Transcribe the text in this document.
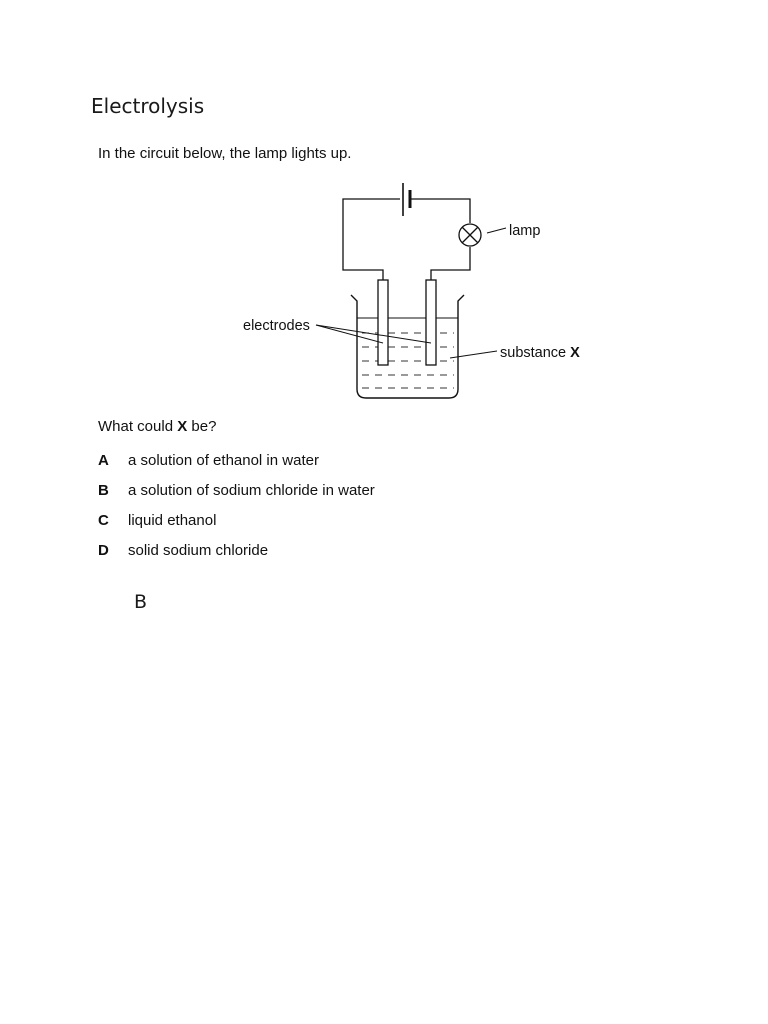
Electrolysis
In the circuit below, the lamp lights up.
lamp
electrodes
substance X
What could X be?
A a solution of ethanol in water
B a solution of sodium chloride in water
C liquid ethanol
D solid sodium chloride
B
